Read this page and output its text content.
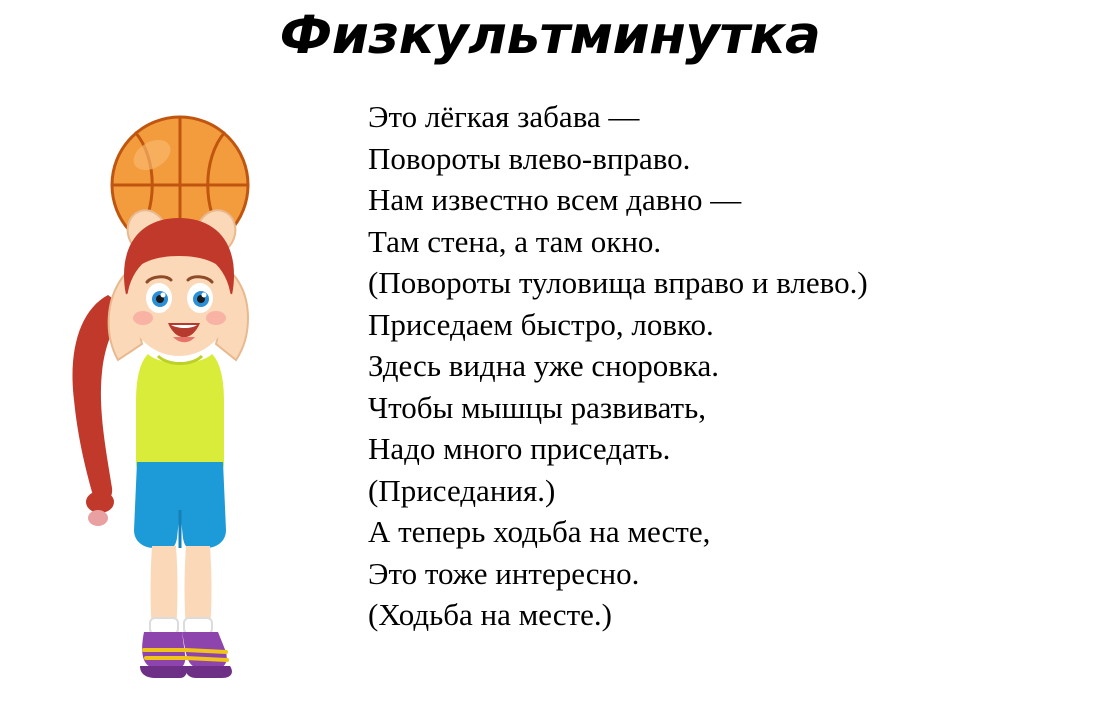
Физкультминутка
Это лёгкая забава —
Повороты влево-вправо.
Нам известно всем давно —
Там стена, а там окно.
(Повороты туловища вправо и влево.)
Приседаем быстро, ловко.
Здесь видна уже сноровка.
Чтобы мышцы развивать,
Надо много приседать.
(Приседания.)
А теперь ходьба на месте,
Это тоже интересно.
(Ходьба на месте.)
